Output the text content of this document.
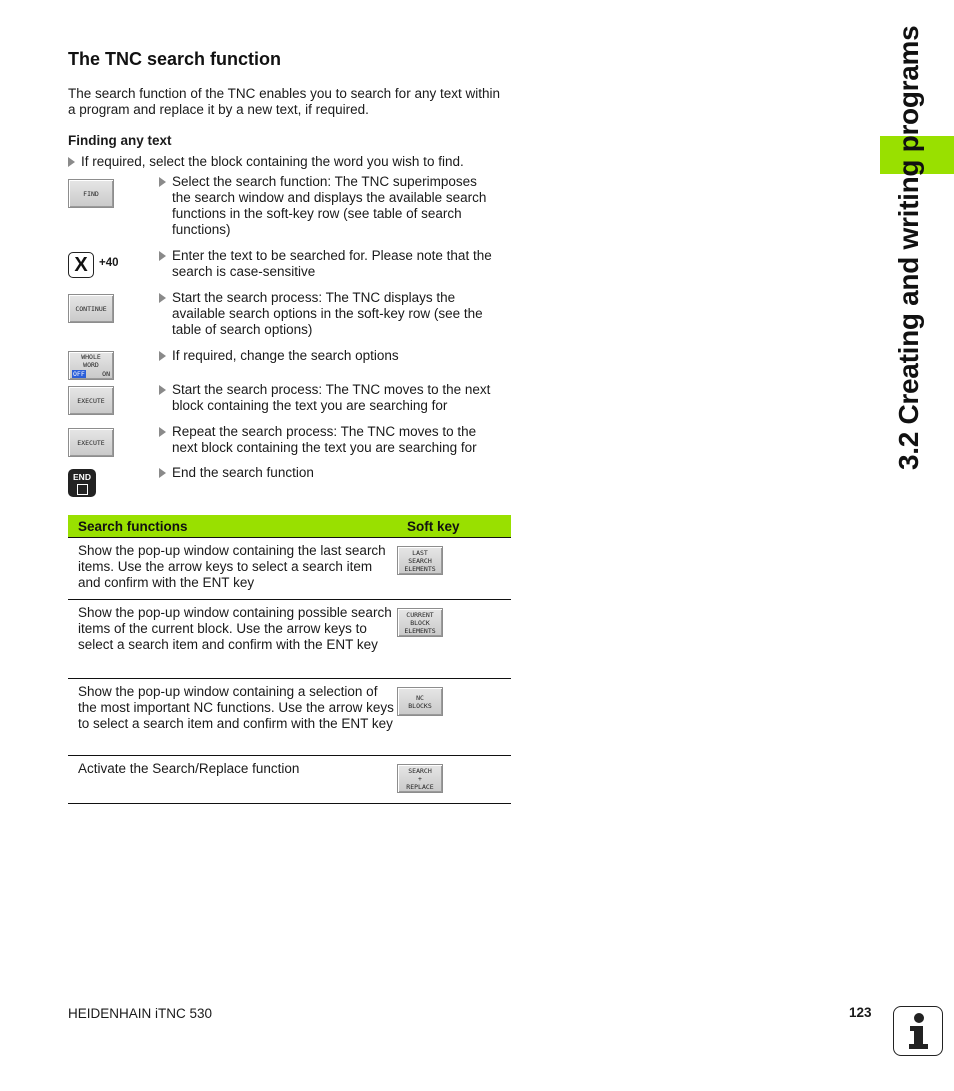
The TNC search function
The search function of the TNC enables you to search for any text within a program and replace it by a new text, if required.
Finding any text
If required, select the block containing the word you wish to find.
FIND
Select the search function: The TNC superimposes
the search window and displays the available search functions in the soft-key row (see table of search functions)
X +40	Enter the text to be searched for. Please note that the
search is case-sensitive
CONTINUE
Start the search process: The TNC displays the
available search options in the soft-key row (see the table of search options)
WHOLE
WORD
OFF	ON
If required, change the search options
EXECUTE
Start the search process: The TNC moves to the next
block containing the text you are searching for
EXECUTE
Repeat the search process: The TNC moves to the
next block containing the text you are searching for
END	End the search function
Search functions	Soft key
Show the pop-up window containing the last search items. Use the arrow keys to select a search item and confirm with the ENT key
LAST
SEARCH
ELEMENTS
Show the pop-up window containing possible search items of the current block. Use the arrow keys to select a search item and confirm with the ENT key
CURRENT
BLOCK
ELEMENTS
Show the pop-up window containing a selection of the most important NC functions. Use the arrow keys to select a search item and confirm with the ENT key
NC
BLOCKS
Activate the Search/Replace function	SEARCH
+
REPLACE
3.2 Creating and writing programs
HEIDENHAIN iTNC 530	123
